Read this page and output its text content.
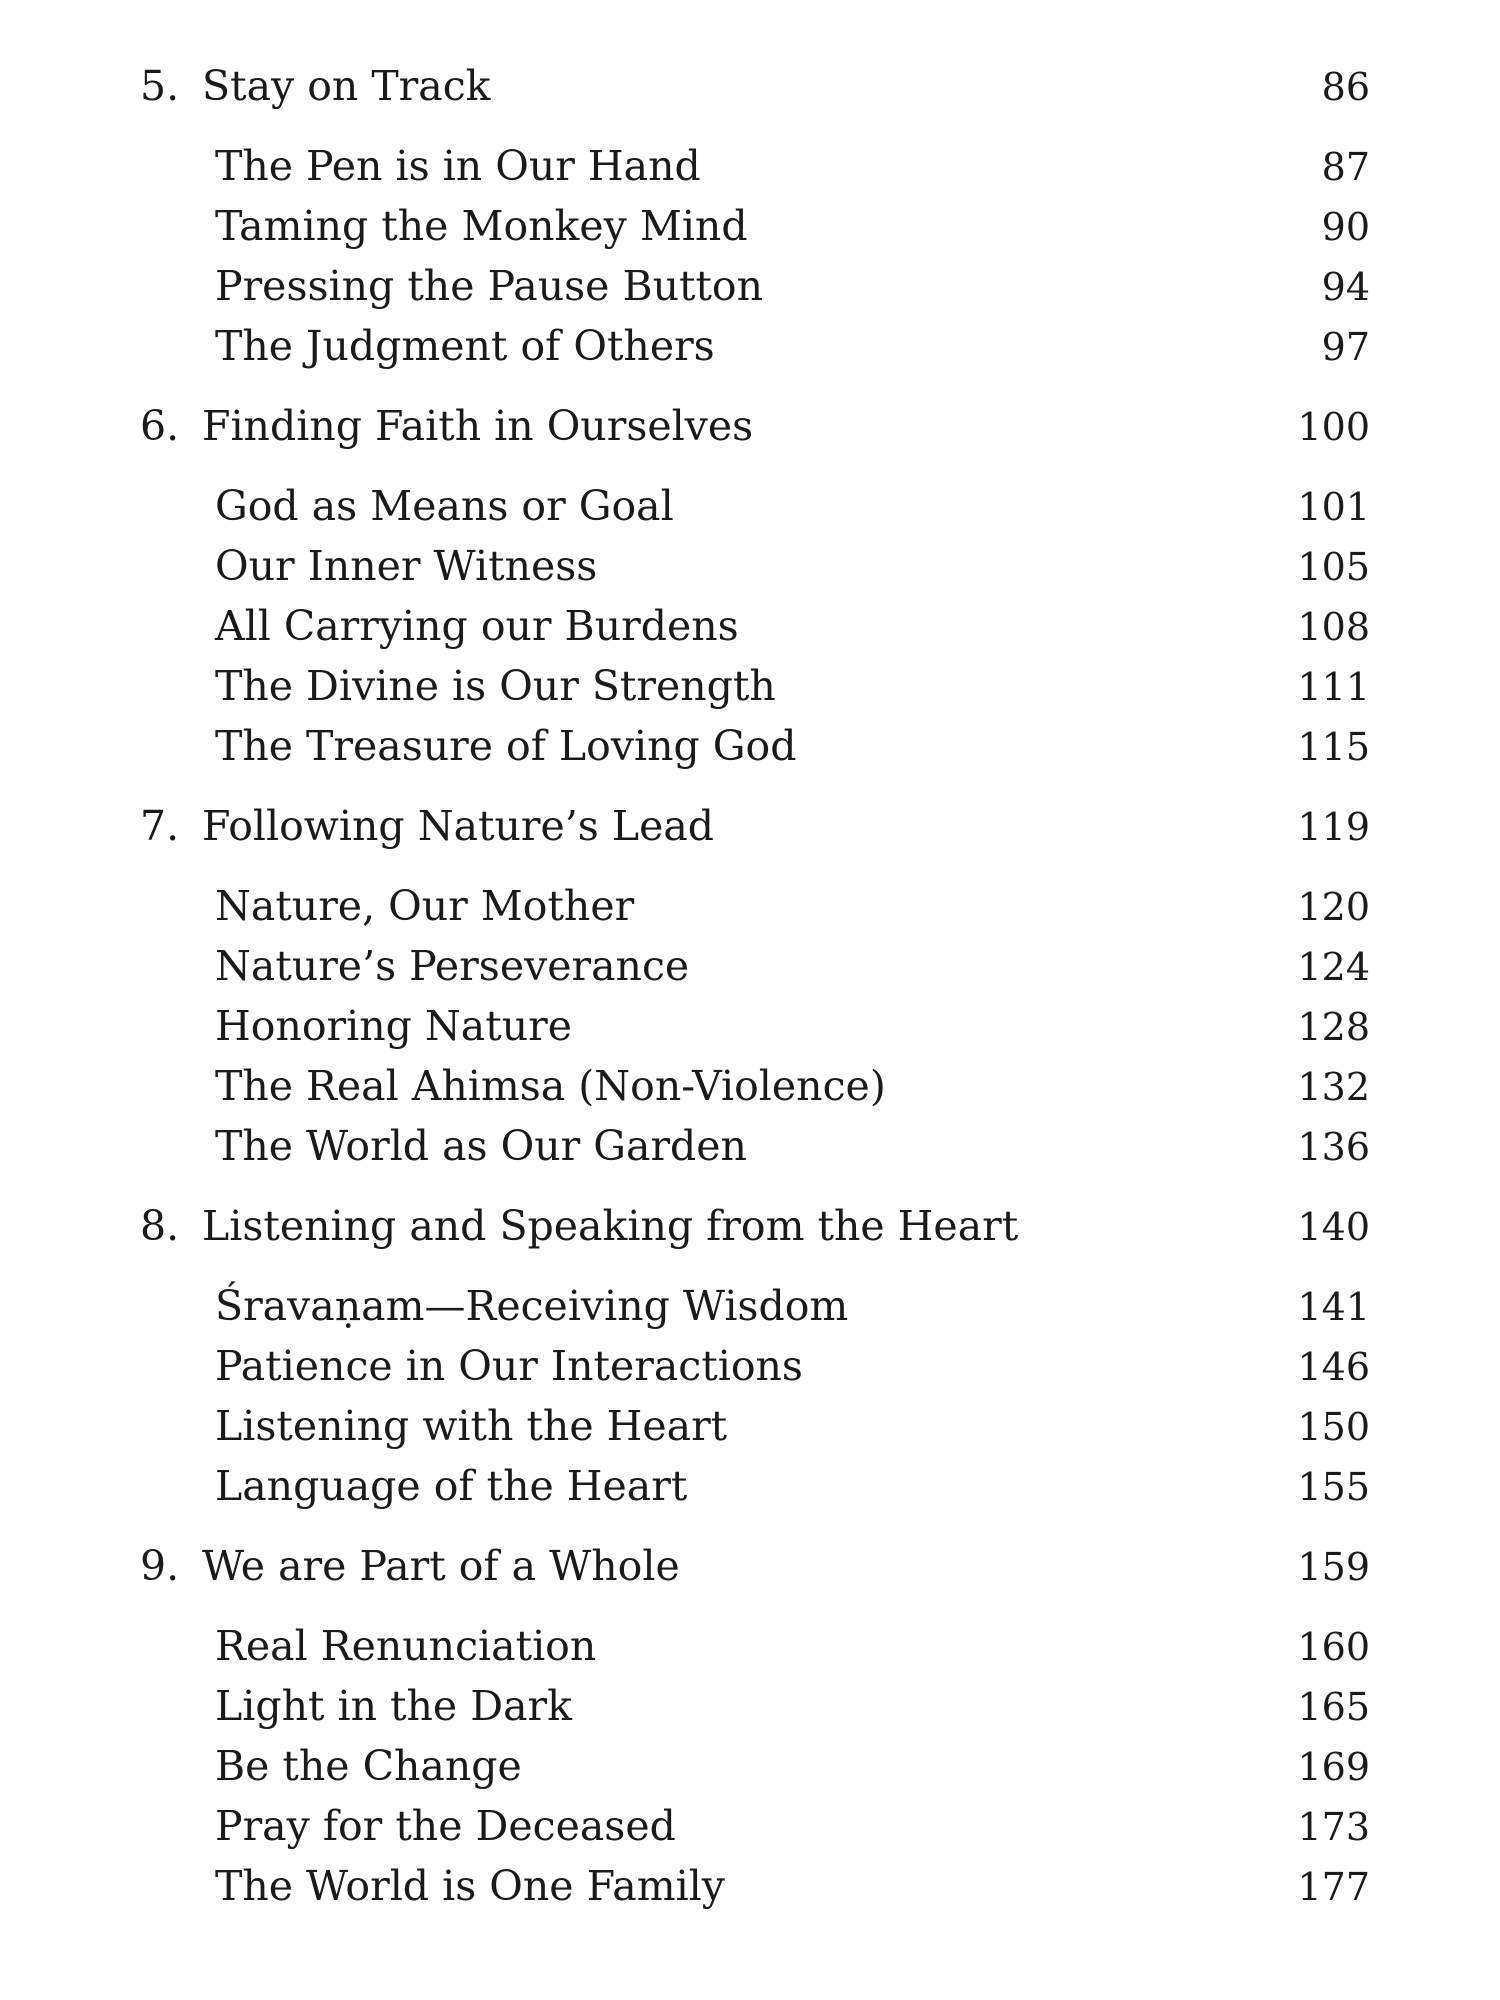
5. Stay on Track	86
The Pen is in Our Hand	87
Taming the Monkey Mind	90
Pressing the Pause Button	94
The Judgment of Others	97
6. Finding Faith in Ourselves	100
God as Means or Goal	101
Our Inner Witness	105
All Carrying our Burdens	108
The Divine is Our Strength	111
The Treasure of Loving God	115
7. Following Nature’s Lead	119
Nature, Our Mother	120
Nature’s Perseverance	124
Honoring Nature	128
The Real Ahimsa (Non-Violence)	132
The World as Our Garden	136
8. Listening and Speaking from the Heart	140
Śravaṇam—Receiving Wisdom	141
Patience in Our Interactions	146
Listening with the Heart	150
Language of the Heart	155
9. We are Part of a Whole	159
Real Renunciation	160
Light in the Dark	165
Be the Change	169
Pray for the Deceased	173
The World is One Family	177
